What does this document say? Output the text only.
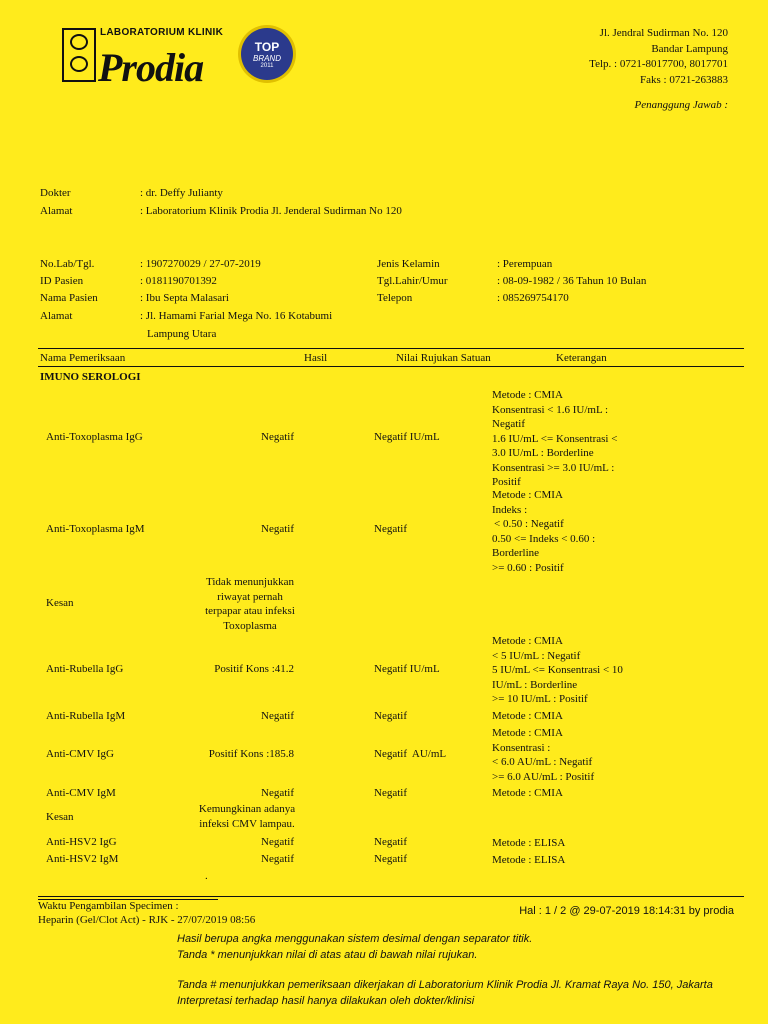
LABORATORIUM KLINIK
Prodia	TOP
BRAND
2011
Jl. Jendral Sudirman No. 120
Bandar Lampung
Telp. : 0721-8017700, 8017701
Faks : 0721-263883
Penanggung Jawab :
Dokter	: dr. Deffy Julianty
Alamat	: Laboratorium Klinik Prodia Jl. Jenderal Sudirman No 120
No.Lab/Tgl.	: 1907270029 / 27-07-2019
ID Pasien	: 0181190701392
Nama Pasien	: Ibu Septa Malasari
Alamat	: Jl. Hamami Farial Mega No. 16 Kotabumi
Lampung Utara
Jenis Kelamin	: Perempuan
Tgl.Lahir/Umur	: 08-09-1982 / 36 Tahun 10 Bulan
Telepon	: 085269754170
Nama Pemeriksaan	Hasil	Nilai Rujukan Satuan	Keterangan
IMUNO SEROLOGI
Anti-Toxoplasma IgG	Negatif	Negatif IU/mL
Metode : CMIA
Konsentrasi < 1.6 IU/mL :
Negatif
1.6 IU/mL <= Konsentrasi <
3.0 IU/mL : Borderline
Konsentrasi >= 3.0 IU/mL :
Positif
Anti-Toxoplasma IgM	Negatif	Negatif
Metode : CMIA
Indeks :
< 0.50 : Negatif
0.50 <= Indeks < 0.60 :
Borderline
>= 0.60 : Positif
Kesan
Tidak menunjukkan
riwayat pernah
terpapar atau infeksi
Toxoplasma
Anti-Rubella IgG	Positif Kons :41.2	Negatif IU/mL
Metode : CMIA
< 5 IU/mL : Negatif
5 IU/mL <= Konsentrasi < 10
IU/mL : Borderline
>= 10 IU/mL : Positif
Anti-Rubella IgM	Negatif	Negatif	Metode : CMIA
Anti-CMV IgG	Positif Kons :185.8	Negatif  AU/mL
Metode : CMIA
Konsentrasi :
< 6.0 AU/mL : Negatif
>= 6.0 AU/mL : Positif
Anti-CMV IgM	Negatif	Negatif	Metode : CMIA
Kesan
Kemungkinan adanya
infeksi CMV lampau.
Anti-HSV2 IgG	Negatif	Negatif	Metode : ELISA
Anti-HSV2 IgM	Negatif	Negatif	Metode : ELISA
.
Waktu Pengambilan Specimen :
Heparin (Gel/Clot Act) - RJK - 27/07/2019 08:56
Hal : 1 / 2 @ 29-07-2019 18:14:31 by prodia
Hasil berupa angka menggunakan sistem desimal dengan separator titik.
Tanda * menunjukkan nilai di atas atau di bawah nilai rujukan.
Tanda # menunjukkan pemeriksaan dikerjakan di Laboratorium Klinik Prodia Jl. Kramat Raya No. 150, Jakarta
Interpretasi terhadap hasil hanya dilakukan oleh dokter/klinisi
